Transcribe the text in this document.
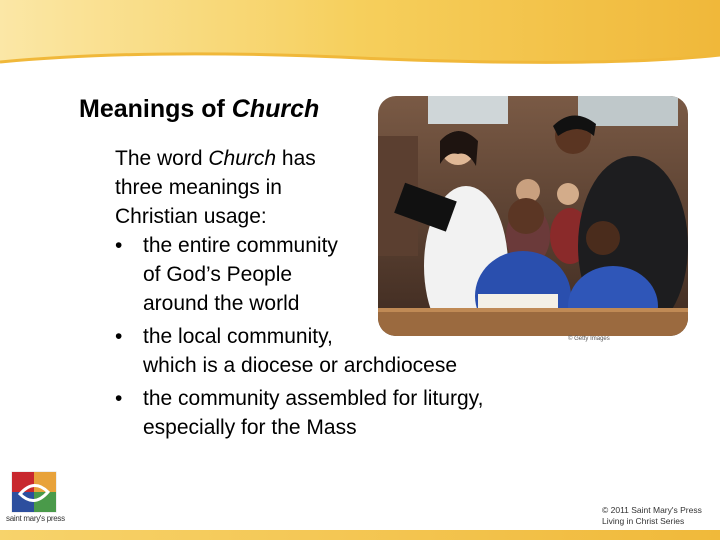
Meanings of Church

The word Church has

three meanings in

Christian usage:

• the entire community
of God’s People
around the world
• the local community,
which is a diocese or archdiocese
• the community assembled for liturgy,
especially for the Mass
© Getty Images
saint mary's press
© 2011 Saint Mary's Press
Living in Christ Series
